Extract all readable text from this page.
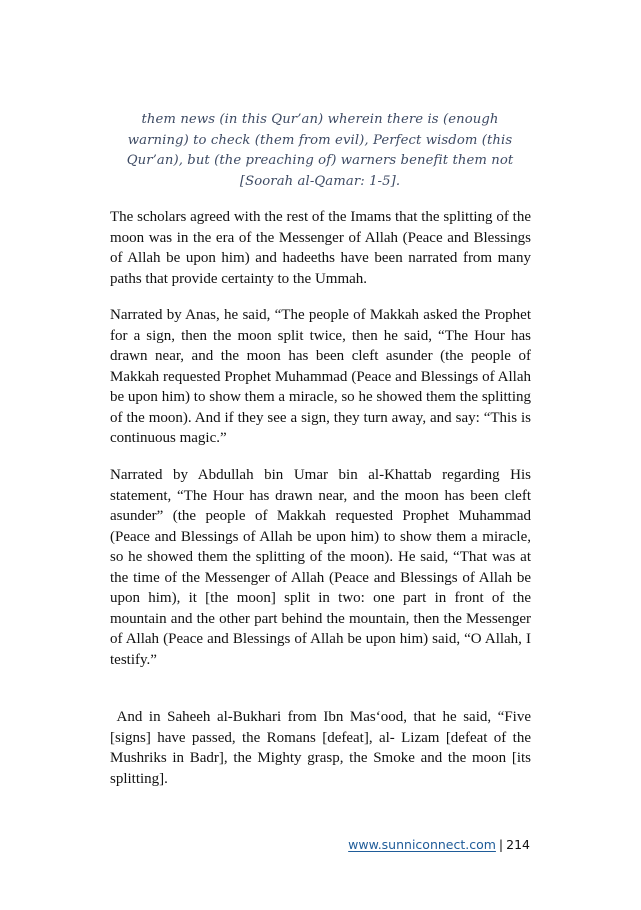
them news (in this Qur’an) wherein there is (enough
warning) to check (them from evil), Perfect wisdom (this
Qur’an), but (the preaching of) warners benefit them not
[Soorah al-Qamar: 1-5].

The scholars agreed with the rest of the Imams that the splitting of the moon was in the era of the Messenger of Allah (Peace and Blessings of Allah be upon him) and hadeeths have been narrated from many paths that provide certainty to the Ummah.

Narrated by Anas, he said, “The people of Makkah asked the Prophet for a sign, then the moon split twice, then he said, “The Hour has drawn near, and the moon has been cleft asunder (the people of Makkah requested Prophet Muhammad (Peace and Blessings of Allah be upon him) to show them a miracle, so he showed them the splitting of the moon). And if they see a sign, they turn away, and say: “This is continuous magic.”

Narrated by Abdullah bin Umar bin al-Khattab regarding His statement, “The Hour has drawn near, and the moon has been cleft asunder” (the people of Makkah requested Prophet Muhammad (Peace and Blessings of Allah be upon him) to show them a miracle, so he showed them the splitting of the moon). He said, “That was at the time of the Messenger of Allah (Peace and Blessings of Allah be upon him), it [the moon] split in two: one part in front of the mountain and the other part behind the mountain, then the Messenger of Allah (Peace and Blessings of Allah be upon him) said, “O Allah, I testify.”

And in Saheeh al-Bukhari from Ibn Mas‘ood, that he said, “Five [signs] have passed, the Romans [defeat], al- Lizam [defeat of the Mushriks in Badr], the Mighty grasp, the Smoke and the moon [its splitting].

www.sunniconnect.com | 214
